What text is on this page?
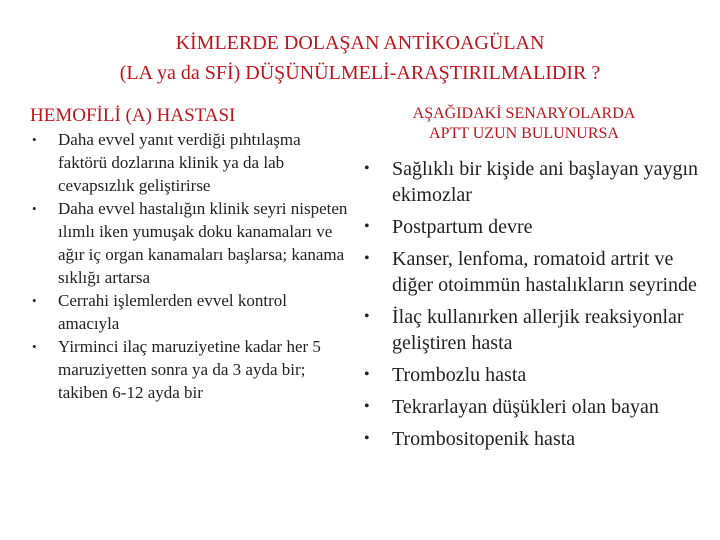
KİMLERDE DOLAŞAN ANTİKOAGÜLAN
(LA ya da SFİ) DÜŞÜNÜLMELİ-ARAŞTIRILMALIDIR ?
HEMOFİLİ (A) HASTASI
• Daha evvel yanıt verdiği pıhtılaşma faktörü dozlarına klinik ya da lab cevapsızlık geliştirirse
• Daha evvel hastalığın klinik seyri nispeten ılımlı iken yumuşak doku kanamaları ve ağır iç organ kanamaları başlarsa; kanama sıklığı artarsa
• Cerrahi işlemlerden evvel kontrol amacıyla
• Yirminci ilaç maruziyetine kadar her 5 maruziyetten sonra ya da 3 ayda bir; takiben 6-12 ayda bir
AŞAĞIDAKİ SENARYOLARDA
APTT UZUN BULUNURSA
• Sağlıklı bir kişide ani başlayan yaygın ekimozlar
• Postpartum devre
• Kanser, lenfoma, romatoid artrit ve diğer otoimmün hastalıkların seyrinde
• İlaç kullanırken allerjik reaksiyonlar geliştiren hasta
• Trombozlu hasta
• Tekrarlayan düşükleri olan bayan
• Trombositopenik hasta
